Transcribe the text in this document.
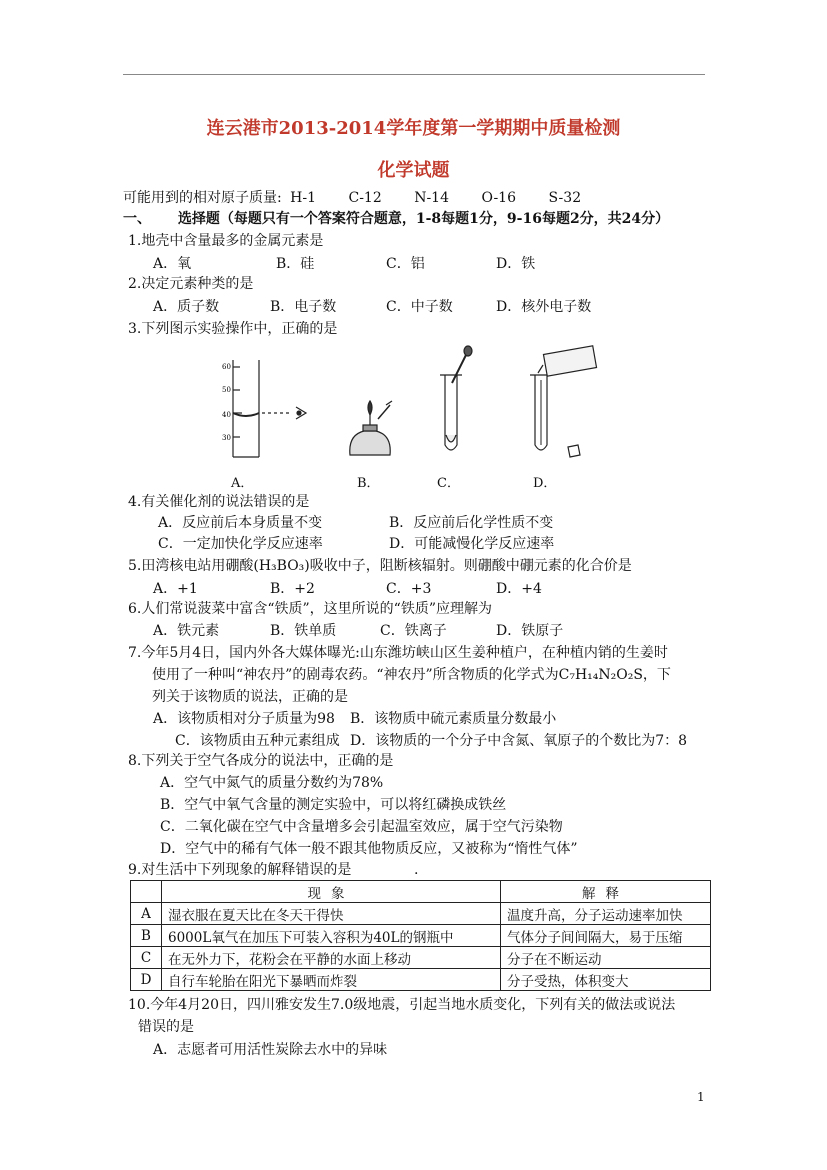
连云港市2013-2014学年度第一学期期中质量检测
化学试题
可能用到的相对原子质量: H-1 C-12 N-14 O-16 S-32
一、 选择题（每题只有一个答案符合题意，1-8每题1分，9-16每题2分，共24分）
1.地壳中含量最多的金属元素是
A．氧	B．硅	C．铝	D．铁
2.决定元素种类的是
A．质子数	B．电子数	C．中子数	D．核外电子数
3.下列图示实验操作中，正确的是
60
50
40
30
A．	B．	C．	D．
4.有关催化剂的说法错误的是
A．反应前后本身质量不变	B．反应前后化学性质不变
C．一定加快化学反应速率	D．可能减慢化学反应速率
5.田湾核电站用硼酸(H₃BO₃)吸收中子，阻断核辐射。则硼酸中硼元素的化合价是
A．+1	B．+2	C．+3	D．+4
6.人们常说菠菜中富含“铁质”，这里所说的“铁质”应理解为
A．铁元素	B．铁单质	C．铁离子	D．铁原子
7.今年5月4日，国内外各大媒体曝光:山东潍坊峡山区生姜种植户，在种植内销的生姜时
使用了一种叫“神农丹”的剧毒农药。“神农丹”所含物质的化学式为C₇H₁₄N₂O₂S，下
列关于该物质的说法，正确的是
A．该物质相对分子质量为98 B．该物质中硫元素质量分数最小
C．该物质由五种元素组成 D．该物质的一个分子中含氮、氧原子的个数比为7：8
8.下列关于空气各成分的说法中，正确的是
A．空气中氮气的质量分数约为78%
B．空气中氧气含量的测定实验中，可以将红磷换成铁丝
C．二氧化碳在空气中含量增多会引起温室效应，属于空气污染物
D．空气中的稀有气体一般不跟其他物质反应，又被称为“惰性气体”
9.对生活中下列现象的解释错误的是	.
	现象	解释
A	湿衣服在夏天比在冬天干得快	温度升高，分子运动速率加快
B	6000L氧气在加压下可装入容积为40L的钢瓶中	气体分子间间隔大，易于压缩
C	在无外力下，花粉会在平静的水面上移动	分子在不断运动
D	自行车轮胎在阳光下暴晒而炸裂	分子受热，体积变大
10.今年4月20日，四川雅安发生7.0级地震，引起当地水质变化，下列有关的做法或说法
错误的是
A．志愿者可用活性炭除去水中的异味
1
